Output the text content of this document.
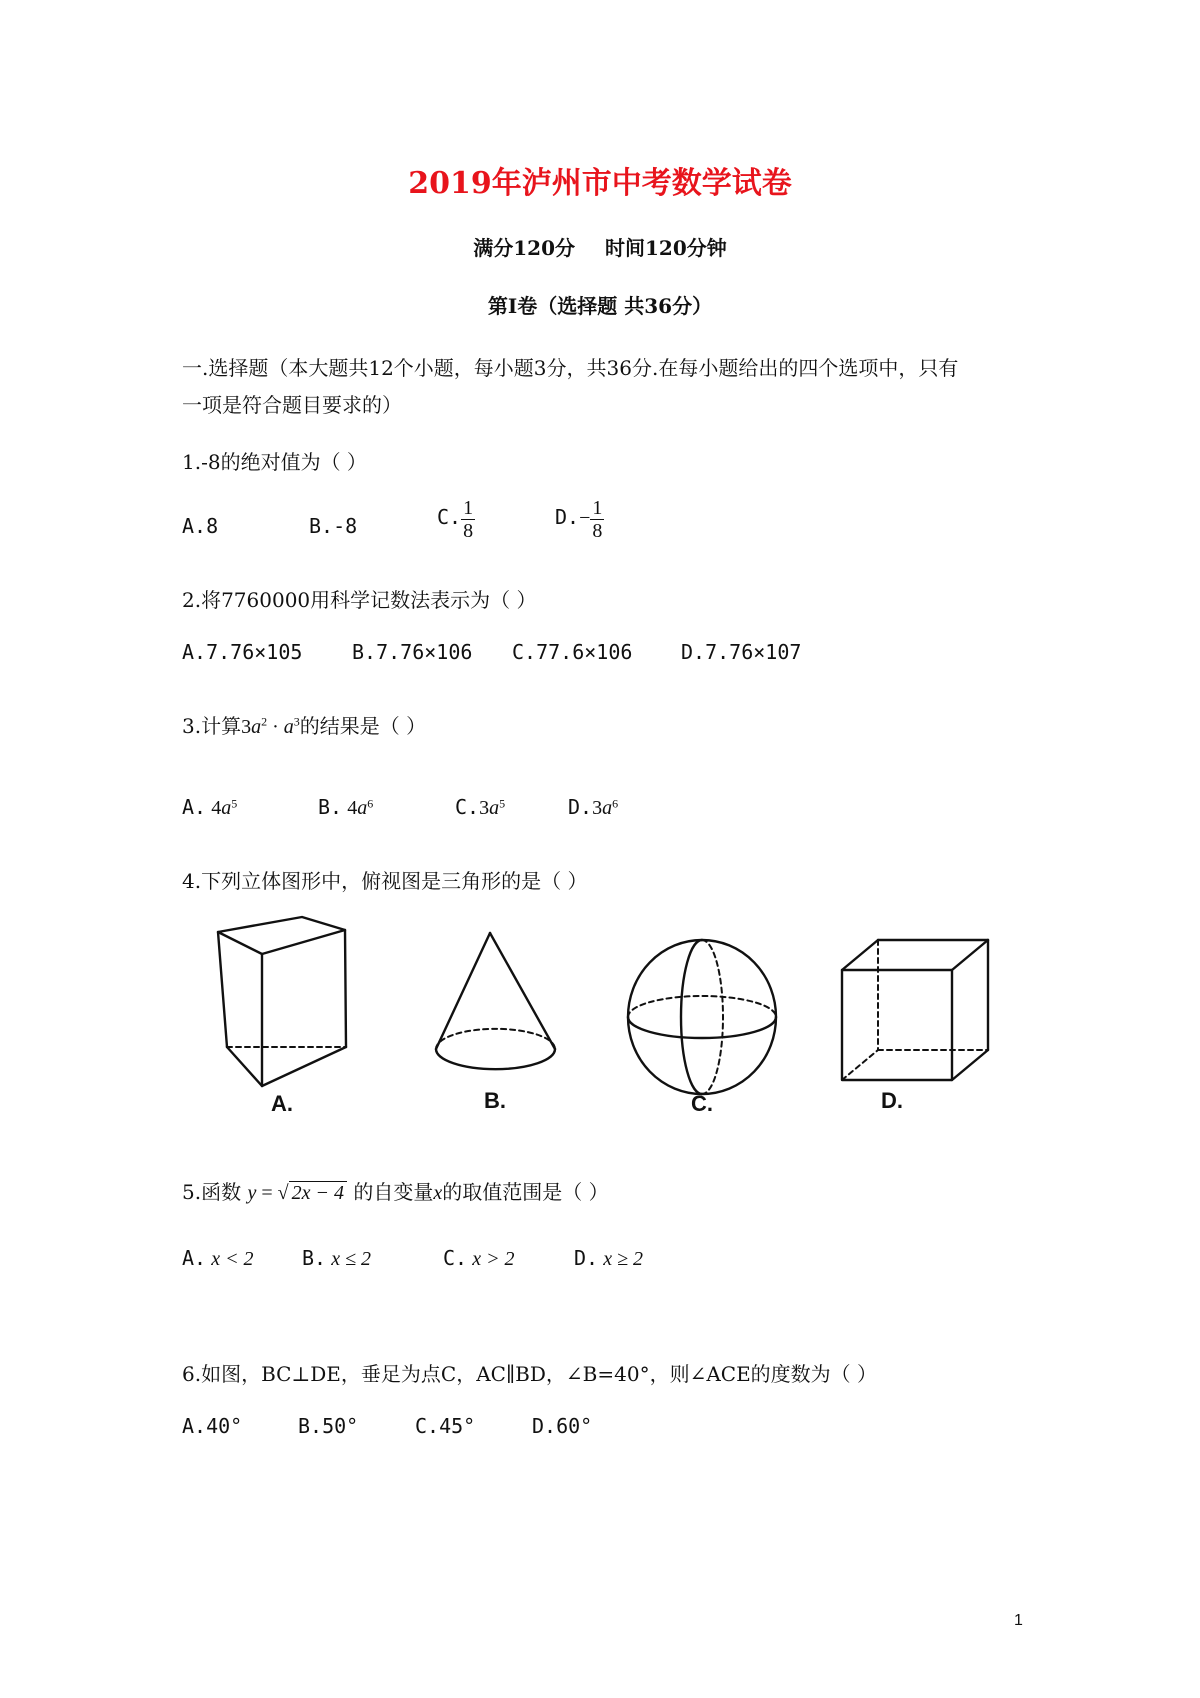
2019年泸州市中考数学试卷
满分120分 时间120分钟
第Ⅰ卷（选择题 共36分）
一.选择题（本大题共12个小题，每小题3分，共36分.在每小题给出的四个选项中，只有
一项是符合题目要求的）
1.-8的绝对值为（ ）
A.8	B.-8	C. $\frac{1}{8}$	$D.- \frac{1}{8}$
2.将7760000用科学记数法表示为（ ）
A.7.76×105 B.7.76×106 C.77.6×106 D.7.76×107
3.计算$3a^2 \cdot a^3$的结果是（ ）
A. $4a^5$	B. $4a^6$	$C.3a^5$	$D.3a^6$
4.下列立体图形中，俯视图是三角形的是（ ）
A.	B.	C.	D.
5.函数 y = √ 2x − 4 的自变量x的取值范围是（ ）
A. x < 2 B. x ≤ 2	C. x > 2	D. x ≥ 2
6.如图，BC⊥DE，垂足为点C，AC∥BD，∠B=40°，则∠ACE的度数为（ ）
A.40°	B.50°	C.45°	D.60°
1
